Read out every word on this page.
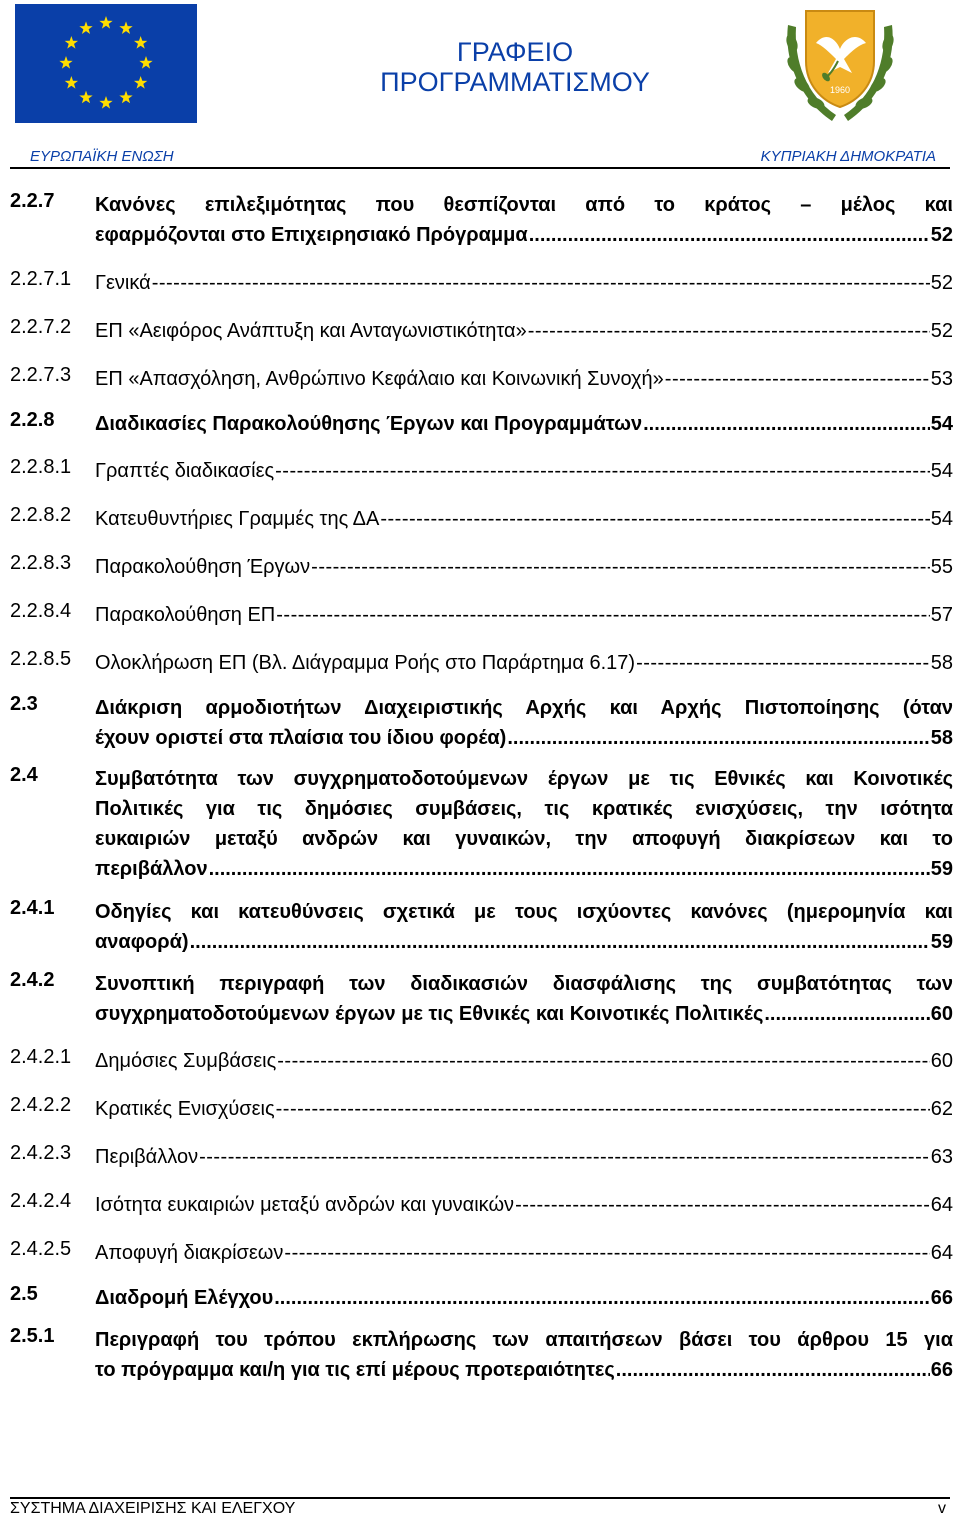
ΓΡΑΦΕΙΟ
ΠΡΟΓΡΑΜΜΑΤΙΣΜΟΥ	1960
ΕΥΡΩΠΑΪΚΗ ΕΝΩΣΗ	ΚΥΠΡΙΑΚΗ ΔΗΜΟΚΡΑΤΙΑ
2.2.7 Κανόνες επιλεξιμότητας που θεσπίζονται από το κράτος – μέλος και
εφαρμόζονται στο Επιχειρησιακό Πρόγραμμα .....	52
2.2.7.1 Γενικά -----	52
2.2.7.2 ΕΠ «Αειφόρος Ανάπτυξη και Ανταγωνιστικότητα» -----	52
2.2.7.3 ΕΠ «Απασχόληση, Ανθρώπινο Κεφάλαιο και Κοινωνική Συνοχή» -----	53
2.2.8 Διαδικασίες Παρακολούθησης Έργων και Προγραμμάτων .....	54
2.2.8.1 Γραπτές διαδικασίες -----	54
2.2.8.2 Κατευθυντήριες Γραμμές της ΔΑ -----	54
2.2.8.3 Παρακολούθηση Έργων -----	55
2.2.8.4 Παρακολούθηση ΕΠ -----	57
2.2.8.5 Ολοκλήρωση ΕΠ (Βλ. Διάγραμμα Ροής στο Παράρτημα 6.17) -----	58
2.3	Διάκριση αρμοδιοτήτων Διαχειριστικής Αρχής και Αρχής Πιστοποίησης (όταν
έχουν οριστεί στα πλαίσια του ίδιου φορέα) .....	58
2.4	Συμβατότητα των συγχρηματοδοτούμενων έργων με τις Εθνικές και Κοινοτικές
Πολιτικές για τις δημόσιες συμβάσεις, τις κρατικές ενισχύσεις, την ισότητα
ευκαιριών μεταξύ ανδρών και γυναικών, την αποφυγή διακρίσεων και το
περιβάλλον .....	59
2.4.1 Οδηγίες και κατευθύνσεις σχετικά με τους ισχύοντες κανόνες (ημερομηνία και
αναφορά) .....	59
2.4.2 Συνοπτική περιγραφή των διαδικασιών διασφάλισης της συμβατότητας των
συγχρηματοδοτούμενων έργων με τις Εθνικές και Κοινοτικές Πολιτικές .....	60
2.4.2.1 Δημόσιες Συμβάσεις -----	60
2.4.2.2 Κρατικές Ενισχύσεις -----	62
2.4.2.3 Περιβάλλον -----	63
2.4.2.4 Ισότητα ευκαιριών μεταξύ ανδρών και γυναικών -----	64
2.4.2.5 Αποφυγή διακρίσεων -----	64
2.5	Διαδρομή Ελέγχου .....	66
2.5.1 Περιγραφή του τρόπου εκπλήρωσης των απαιτήσεων βάσει του άρθρου 15 για
το πρόγραμμα και/η για τις επί μέρους προτεραιότητες .....	66
ΣΥΣΤΗΜΑ ΔΙΑΧΕΙΡΙΣΗΣ ΚΑΙ ΕΛΕΓΧΟΥ	v
